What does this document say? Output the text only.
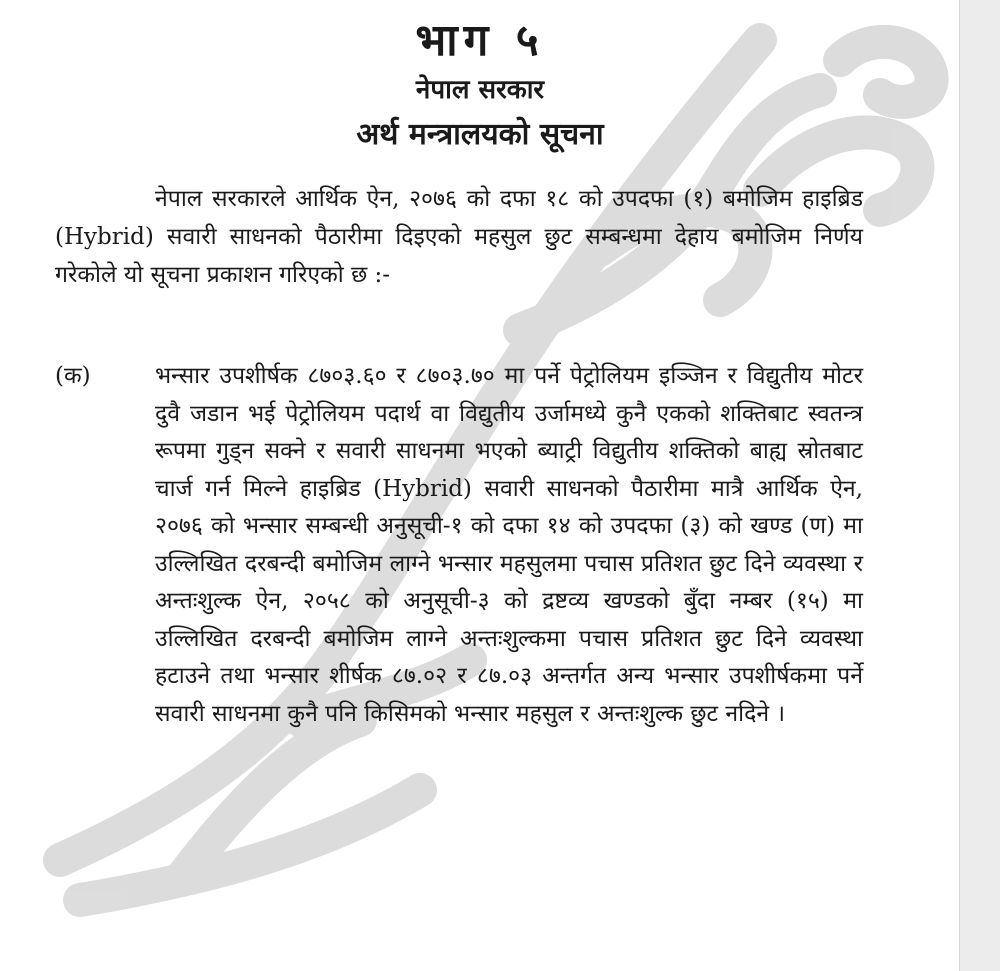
भाग ५
नेपाल सरकार
अर्थ मन्त्रालयको सूचना

नेपाल सरकारले आर्थिक ऐन, २०७६ को दफा १८ को उपदफा (१) बमोजिम हाइब्रिड (Hybrid) सवारी साधनको पैठारीमा दिइएको महसुल छुट सम्बन्धमा देहाय बमोजिम निर्णय गरेकोले यो सूचना प्रकाशन गरिएको छ :-

(क)	भन्सार उपशीर्षक ८७०३.६० र ८७०३.७० मा पर्ने पेट्रोलियम इञ्जिन र विद्युतीय मोटर दुवै जडान भई पेट्रोलियम पदार्थ वा विद्युतीय उर्जामध्ये कुनै एकको शक्तिबाट स्वतन्त्र रूपमा गुड्न सक्ने र सवारी साधनमा भएको ब्याट्री विद्युतीय शक्तिको बाह्य स्रोतबाट चार्ज गर्न मिल्ने हाइब्रिड (Hybrid) सवारी साधनको पैठारीमा मात्रै आर्थिक ऐन, २०७६ को भन्सार सम्बन्धी अनुसूची-१ को दफा १४ को उपदफा (३) को खण्ड (ण) मा उल्लिखित दरबन्दी बमोजिम लाग्ने भन्सार महसुलमा पचास प्रतिशत छुट दिने व्यवस्था र अन्तःशुल्क ऐन, २०५८ को अनुसूची-३ को द्रष्टव्य खण्डको बुँदा नम्बर (१५) मा उल्लिखित दरबन्दी बमोजिम लाग्ने अन्तःशुल्कमा पचास प्रतिशत छुट दिने व्यवस्था हटाउने तथा भन्सार शीर्षक ८७.०२ र ८७.०३ अन्तर्गत अन्य भन्सार उपशीर्षकमा पर्ने सवारी साधनमा कुनै पनि किसिमको भन्सार महसुल र अन्तःशुल्क छुट नदिने ।
